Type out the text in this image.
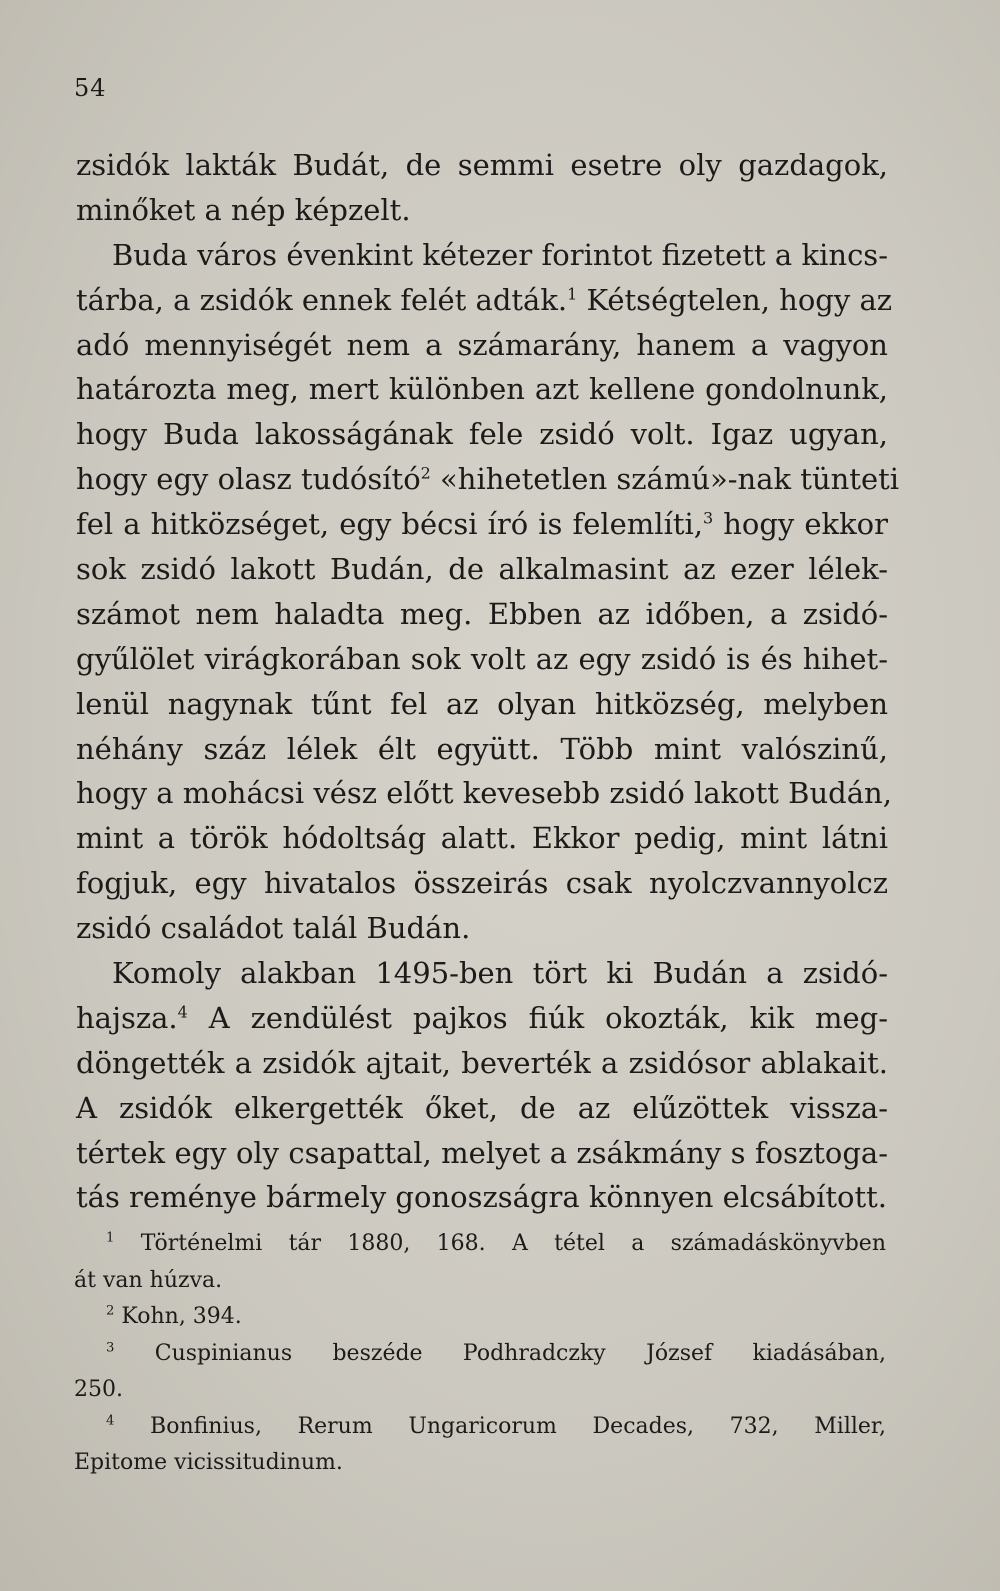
54
zsidók lakták Budát, de semmi esetre oly gazdagok,
minőket a nép képzelt.
Buda város évenkint kétezer forintot fizetett a kincs-
tárba, a zsidók ennek felét adták.$^1$ Kétségtelen, hogy az
adó mennyiségét nem a számarány, hanem a vagyon
határozta meg, mert különben azt kellene gondolnunk,
hogy Buda lakosságának fele zsidó volt. Igaz ugyan,
hogy egy olasz tudósító$^2$ «hihetetlen számú»-nak tünteti
fel a hitközséget, egy bécsi író is felemlíti,$^3$ hogy ekkor
sok zsidó lakott Budán, de alkalmasint az ezer lélek-
számot nem haladta meg. Ebben az időben, a zsidó-
gyűlölet virágkorában sok volt az egy zsidó is és hihet-
lenül nagynak tűnt fel az olyan hitközség, melyben
néhány száz lélek élt együtt. Több mint valószinű,
hogy a mohácsi vész előtt kevesebb zsidó lakott Budán,
mint a török hódoltság alatt. Ekkor pedig, mint látni
fogjuk, egy hivatalos összeirás csak nyolczvannyolcz
zsidó családot talál Budán.
Komoly alakban 1495-ben tört ki Budán a zsidó-
hajsza.$^4$ A zendülést pajkos fiúk okozták, kik meg-
döngették a zsidók ajtait, beverték a zsidósor ablakait.
A zsidók elkergették őket, de az elűzöttek vissza-
tértek egy oly csapattal, melyet a zsákmány s fosztoga-
tás reménye bármely gonoszságra könnyen elcsábított.
$^1$ Történelmi tár 1880, 168. A tétel a számadáskönyvben
át van húzva.
$^2$ Kohn, 394.
$^3$ Cuspinianus beszéde Podhradczky József kiadásában,
250.
$^4$ Bonfinius, Rerum Ungaricorum Decades, 732, Miller,
Epitome vicissitudinum.
